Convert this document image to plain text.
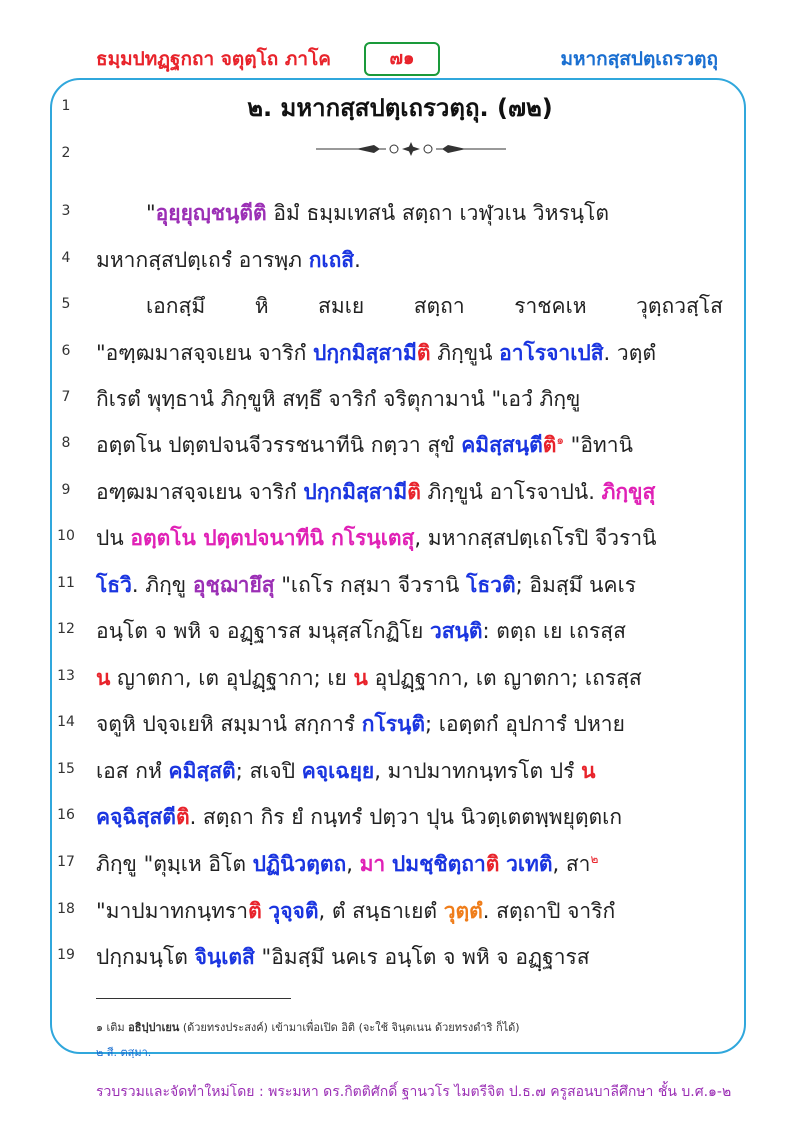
ธมฺมปทฏฺฐกถา จตุตฺโถ ภาโค	๗๑	มหากสฺสปตฺเถรวตฺถุ
1
2
3
4
5
6
7
8
9
10
11
12
13
14
15
16
17
18
19
๒. มหากสฺสปตฺเถรวตฺถุ. (๗๒)
"อุยฺยุญฺชนฺตีติ อิมํ ธมฺมเทสนํ สตฺถา เวฬุวเน วิหรนฺโต
มหากสฺสปตฺเถรํ อารพฺภ กเถสิ.
เอกสฺมึ หิ สมเย สตฺถา ราชคเห วุตฺถวสฺโส
"อฑฺฒมาสจฺจเยน จาริกํ ปกฺกมิสฺสามีติ ภิกฺขูนํ อาโรจาเปสิ. วตฺตํ
กิเรตํ พุทฺธานํ ภิกฺขูหิ สทฺธึ จาริกํ จริตุกามานํ "เอวํ ภิกฺขู
อตฺตโน ปตฺตปจนจีวรรชนาทีนิ กตฺวา สุขํ คมิสฺสนฺตีติ$^๑$ "อิทานิ
อฑฺฒมาสจฺจเยน จาริกํ ปกฺกมิสฺสามีติ ภิกฺขูนํ อาโรจาปนํ. ภิกฺขูสุ
ปน อตฺตโน ปตฺตปจนาทีนิ กโรนฺเตสุ, มหากสฺสปตฺเถโรปิ จีวรานิ
โธวิ. ภิกฺขู อุชฺฌายึสุ "เถโร กสฺมา จีวรานิ โธวติ; อิมสฺมึ นคเร
อนฺโต จ พหิ จ อฏฺฐารส มนุสฺสโกฏิโย วสนฺติ: ตตฺถ เย เถรสฺส
น ญาตกา, เต อุปฏฺฐากา; เย น อุปฏฺฐากา, เต ญาตกา; เถรสฺส
จตูหิ ปจฺจเยหิ สมฺมานํ สกฺการํ กโรนฺติ; เอตฺตกํ อุปการํ ปหาย
เอส กหํ คมิสฺสติ; สเจปิ คจฺเฉยฺย, มาปมาทกนฺทรโต ปรํ น
คจฺฉิสฺสตีติ. สตฺถา กิร ยํ กนฺทรํ ปตฺวา ปุน นิวตฺเตตพฺพยุตฺตเก
ภิกฺขู "ตุมฺเห อิโต ปฏินิวตฺตถ, มา ปมชฺชิตฺถาติ วเทติ, สา$^๒$
"มาปมาทกนฺทราติ วุจฺจติ, ตํ สนฺธาเยตํ วุตฺตํ. สตฺถาปิ จาริกํ
ปกฺกมนฺโต จินฺเตสิ "อิมสฺมึ นคเร อนฺโต จ พหิ จ อฏฺฐารส
๑ เติม อธิปฺปาเยน (ด้วยทรงประสงค์) เข้ามาเพื่อเปิด อิติ (จะใช้ จินฺตเนน ด้วยทรงดำริ ก็ได้)
๒ สี. ตสฺมา.
รวบรวมและจัดทำใหม่โดย : พระมหา ดร.กิตติศักดิ์ ฐานวโร ไมตรีจิต ป.ธ.๗ ครูสอนบาลีศึกษา ชั้น บ.ศ.๑-๒
